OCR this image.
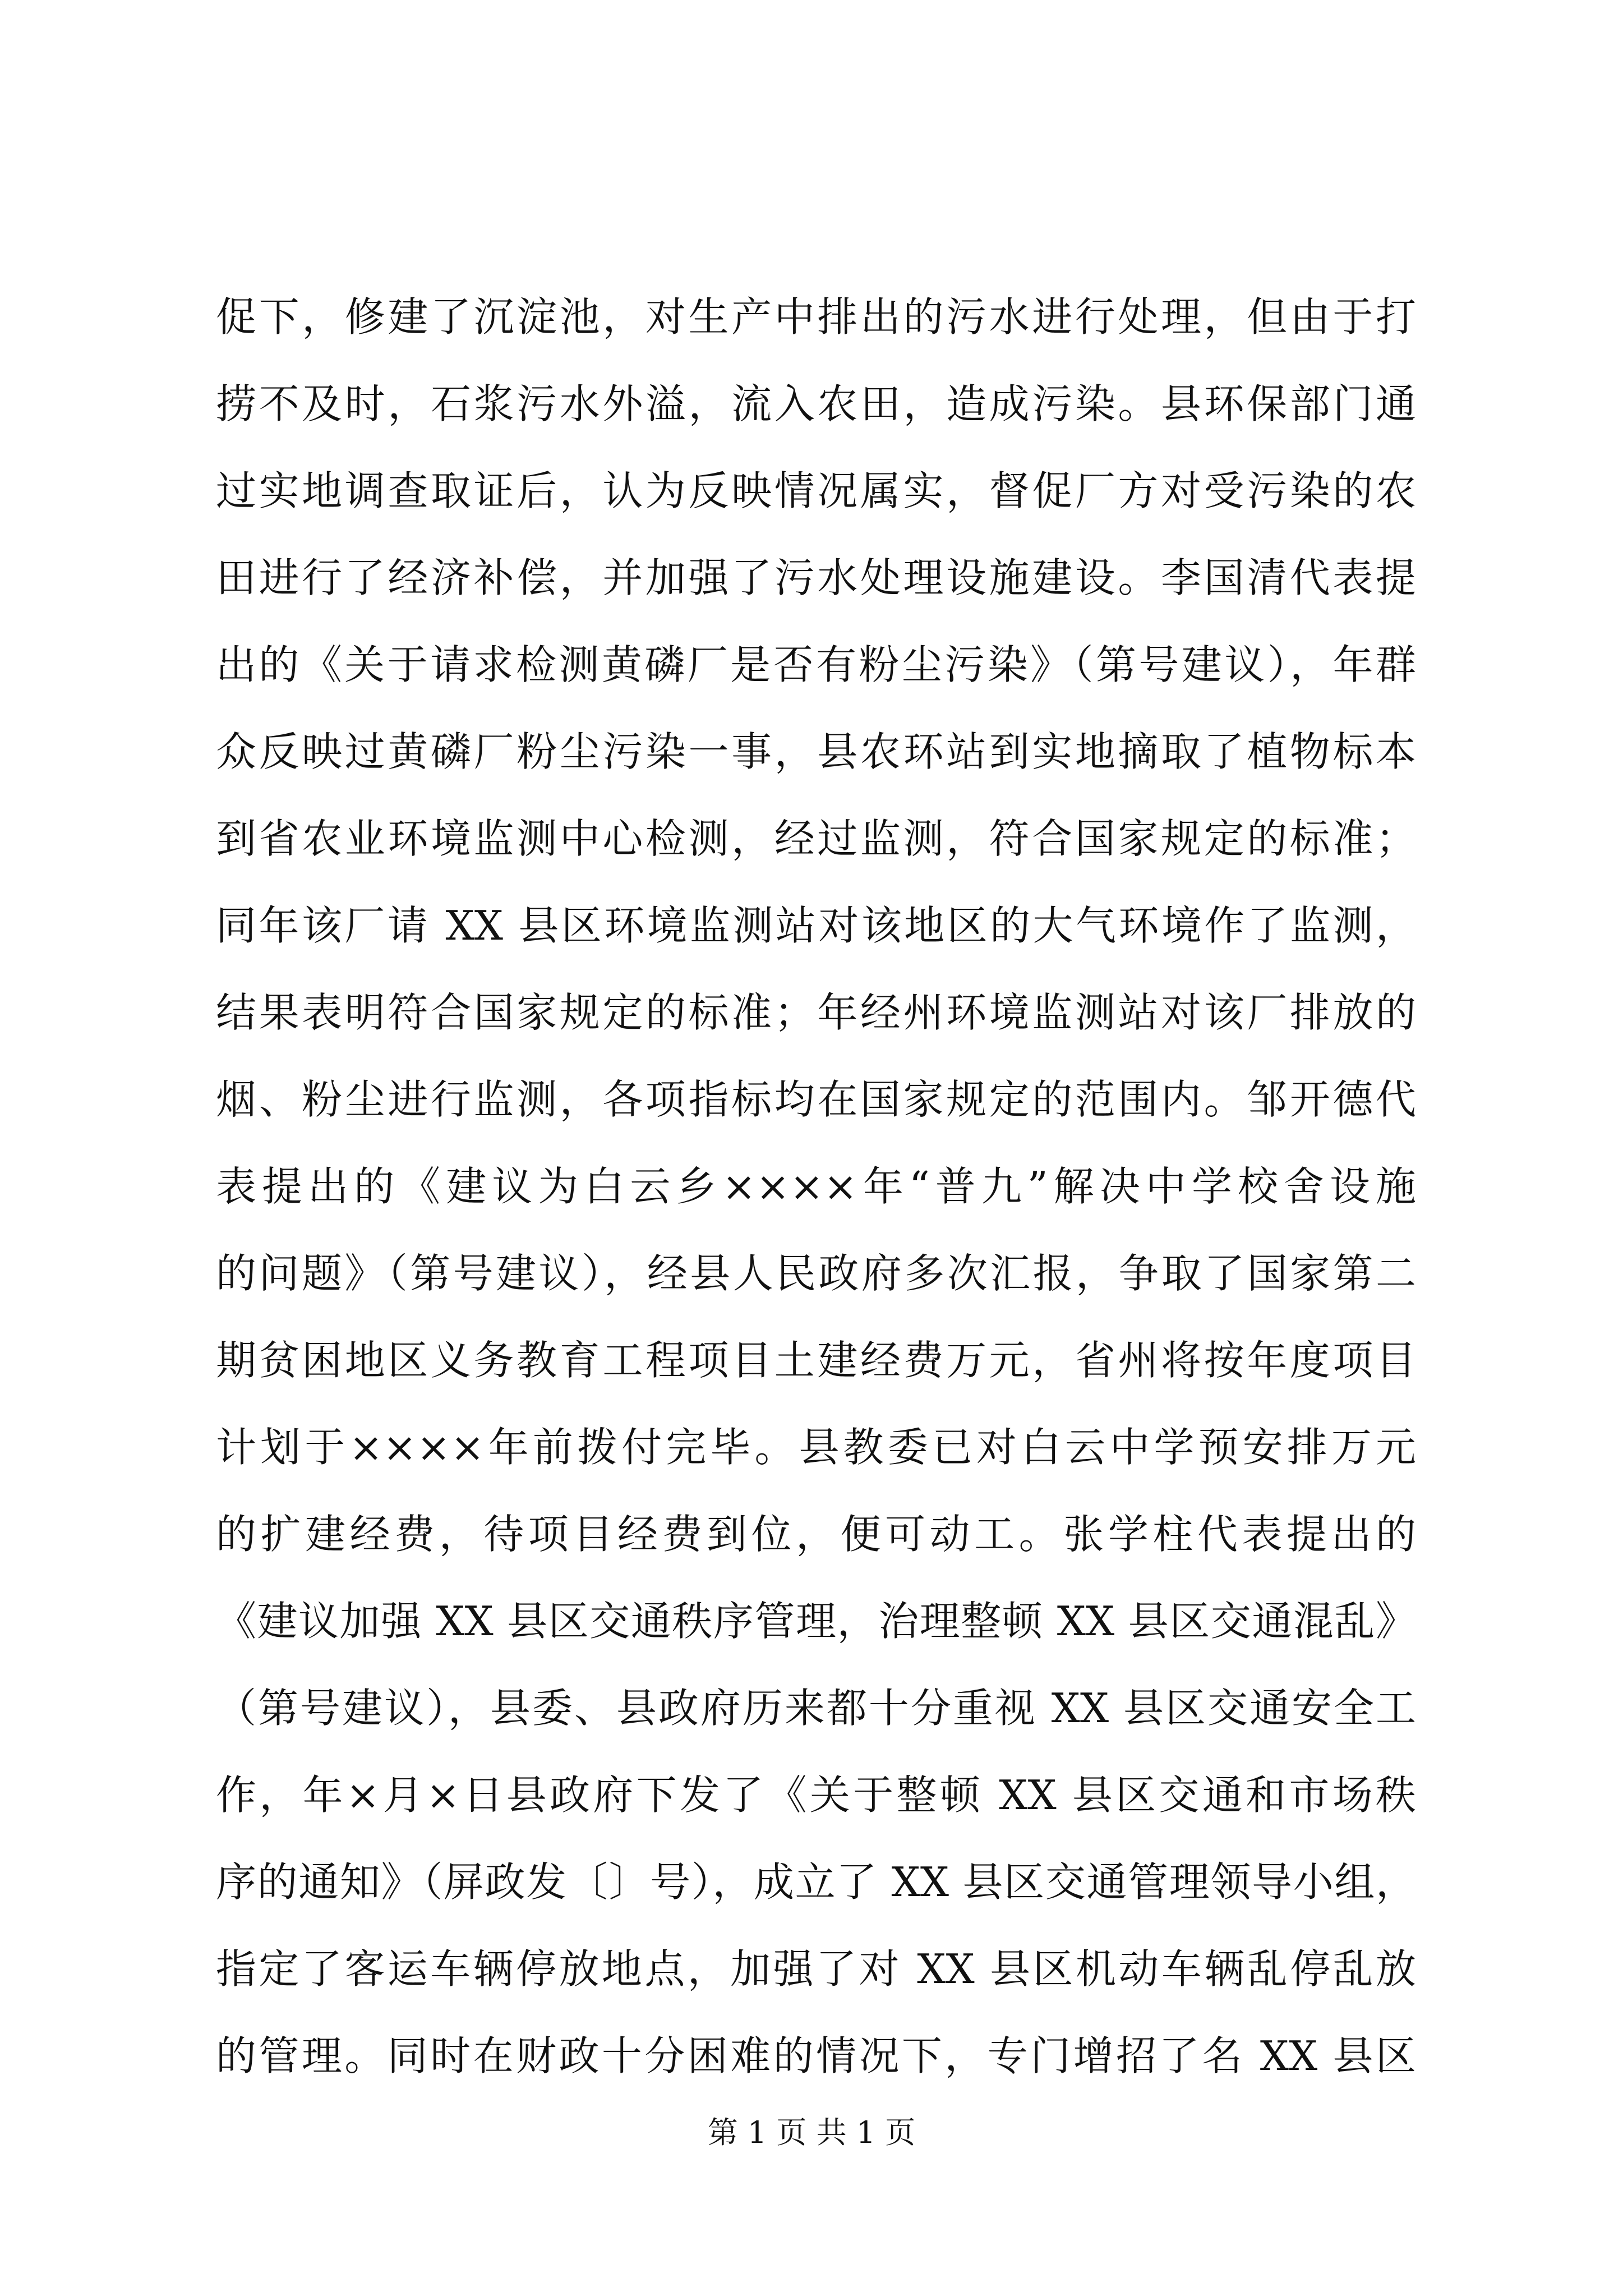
促下，修建了沉淀池，对生产中排出的污水进行处理，但由于打
捞不及时，石浆污水外溢，流入农田，造成污染。县环保部门通
过实地调查取证后，认为反映情况属实，督促厂方对受污染的农
田进行了经济补偿，并加强了污水处理设施建设。李国清代表提
出的《关于请求检测黄磷厂是否有粉尘污染》（第号建议），年群
众反映过黄磷厂粉尘污染一事，县农环站到实地摘取了植物标本
到省农业环境监测中心检测，经过监测，符合国家规定的标准；
同年该厂请 XX 县区环境监测站对该地区的大气环境作了监测，
结果表明符合国家规定的标准；年经州环境监测站对该厂排放的
烟、粉尘进行监测，各项指标均在国家规定的范围内。邹开德代
表提出的《建议为白云乡××××年“普九”解决中学校舍设施
的问题》（第号建议），经县人民政府多次汇报，争取了国家第二
期贫困地区义务教育工程项目土建经费万元，省州将按年度项目
计划于××××年前拨付完毕。县教委已对白云中学预安排万元
的扩建经费，待项目经费到位，便可动工。张学柱代表提出的
《建议加强 XX 县区交通秩序管理，治理整顿 XX 县区交通混乱》
（第号建议），县委、县政府历来都十分重视 XX 县区交通安全工
作，年×月×日县政府下发了《关于整顿 XX 县区交通和市场秩
序的通知》（屏政发〔〕号），成立了 XX 县区交通管理领导小组，
指定了客运车辆停放地点，加强了对 XX 县区机动车辆乱停乱放
的管理。同时在财政十分困难的情况下，专门增招了名 XX 县区
第 1 页 共 1 页
